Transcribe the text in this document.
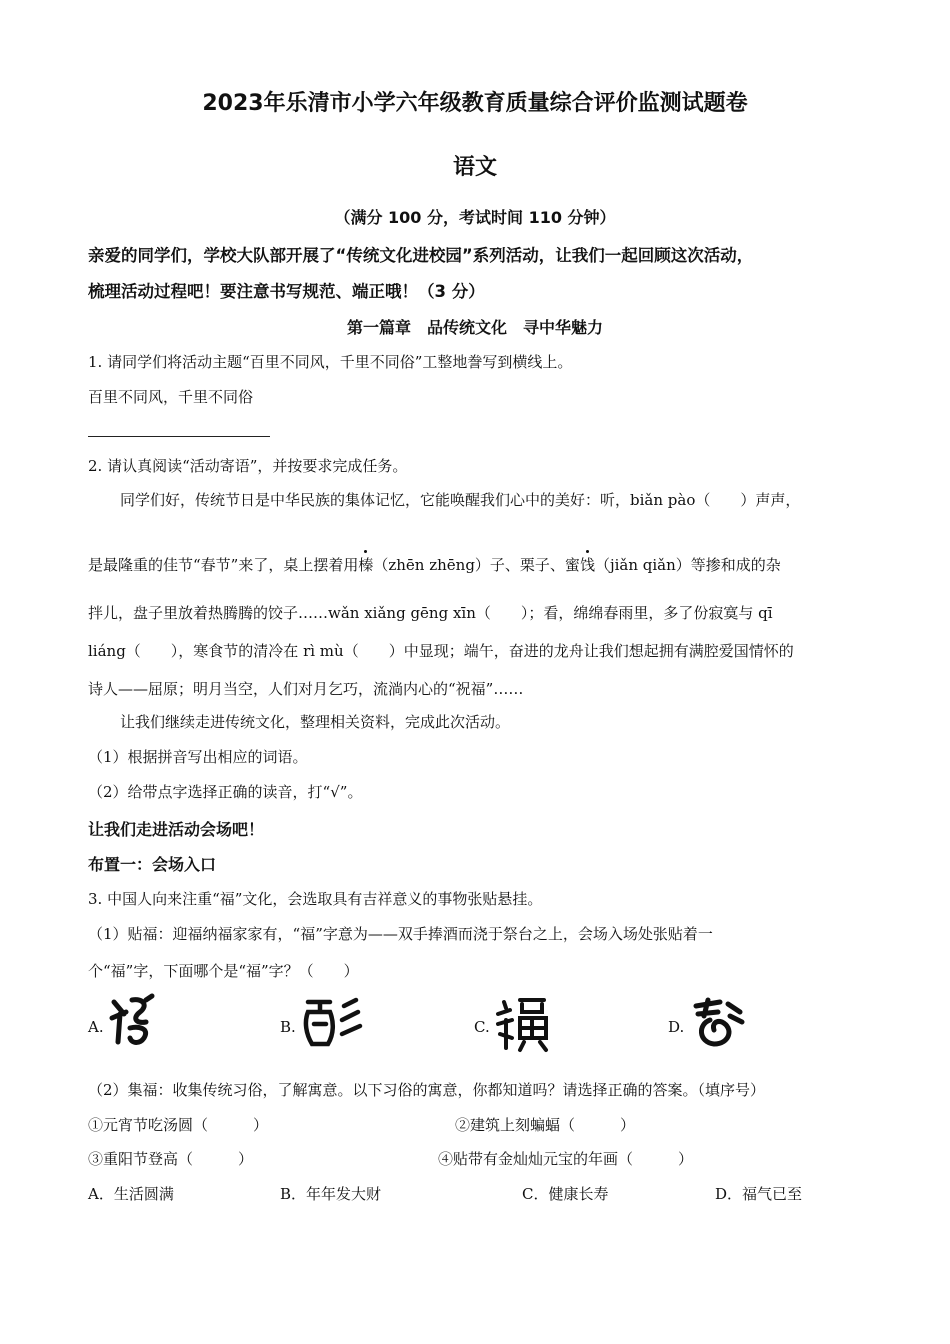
2023年乐清市小学六年级教育质量综合评价监测试题卷
语文
（满分 100 分，考试时间 110 分钟）
亲爱的同学们，学校大队部开展了“传统文化进校园”系列活动，让我们一起回顾这次活动，
梳理活动过程吧！要注意书写规范、端正哦！（3 分）
第一篇章　品传统文化　寻中华魅力
1. 请同学们将活动主题“百里不同风，千里不同俗”工整地誊写到横线上。
百里不同风，千里不同俗
2. 请认真阅读“活动寄语”，并按要求完成任务。
同学们好，传统节日是中华民族的集体记忆，它能唤醒我们心中的美好：听，biǎn pào（　　）声声，
是最隆重的佳节“春节”来了，桌上摆着用榛（zhēn zhēng）子、栗子、蜜饯（jiǎn qiǎn）等掺和成的杂
拌儿，盘子里放着热腾腾的饺子……wǎn xiǎng gēng xīn（　　）；看，绵绵春雨里，多了份寂寞与 qī
liáng（　　），寒食节的清冷在 rì mù（　　）中显现；端午，奋进的龙舟让我们想起拥有满腔爱国情怀的
诗人——屈原；明月当空，人们对月乞巧，流淌内心的“祝福”……
让我们继续走进传统文化，整理相关资料，完成此次活动。
（1）根据拼音写出相应的词语。
（2）给带点字选择正确的读音，打“√”。
让我们走进活动会场吧！
布置一：会场入口
3. 中国人向来注重“福”文化，会选取具有吉祥意义的事物张贴悬挂。
（1）贴福：迎福纳福家家有，“福”字意为——双手捧酒而浇于祭台之上，会场入场处张贴着一
个“福”字，下面哪个是“福”字？（　　）
A.	B.	C.	D.
（2）集福：收集传统习俗，了解寓意。以下习俗的寓意，你都知道吗？请选择正确的答案。（填序号）
①元宵节吃汤圆（　　　）	②建筑上刻蝙蝠（　　　）
③重阳节登高（　　　）	④贴带有金灿灿元宝的年画（　　　）
A．生活圆满	B．年年发大财	C．健康长寿	D．福气已至
